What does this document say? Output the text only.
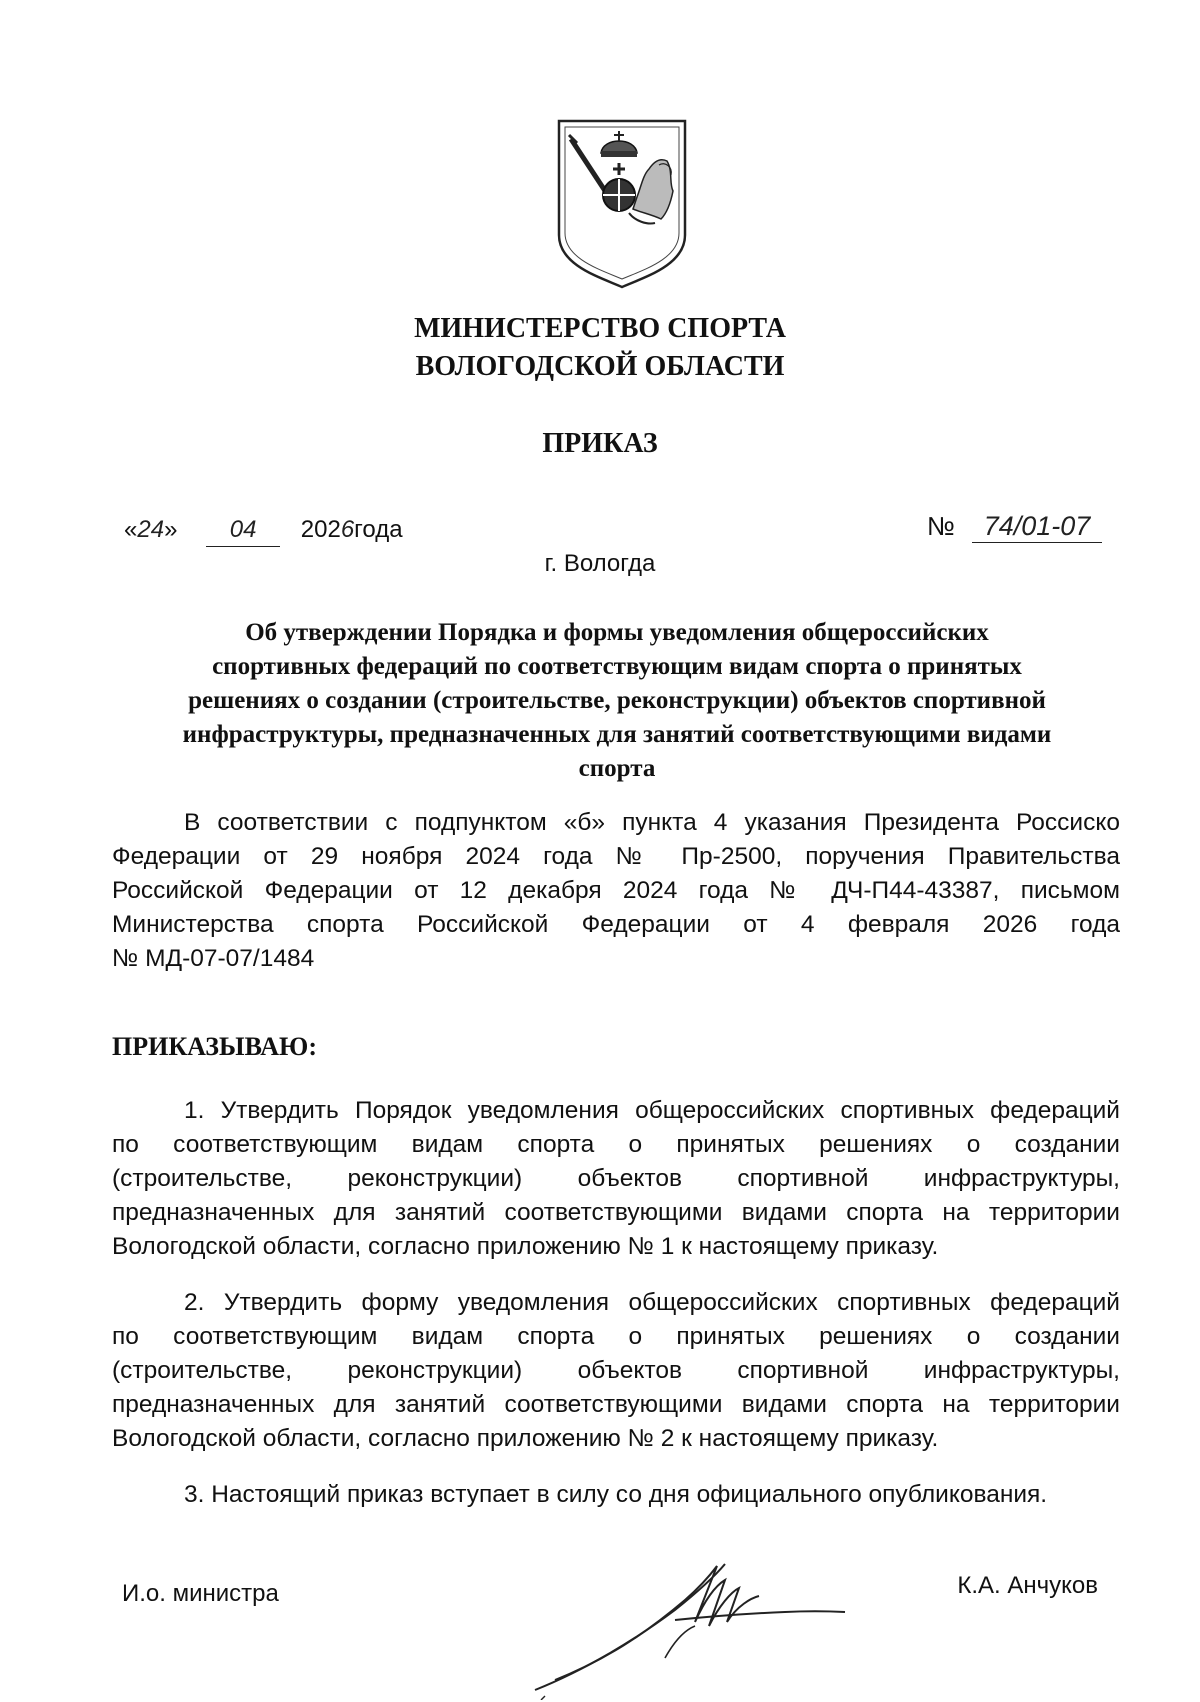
МИНИСТЕРСТВО СПОРТА
ВОЛОГОДСКОЙ ОБЛАСТИ
ПРИКАЗ
«24» 04 2026года	№ 74/01-07
г. Вологда
Об утверждении Порядка и формы уведомления общероссийских
спортивных федераций по соответствующим видам спорта о принятых
решениях о создании (строительстве, реконструкции) объектов спортивной
инфраструктуры, предназначенных для занятий соответствующими видами
спорта
В соответствии с подпунктом «б» пункта 4 указания Президента Россиско
Федерации от 29 ноября 2024 года № Пр-2500, поручения Правительства
Российской Федерации от 12 декабря 2024 года № ДЧ-П44-43387, письмом
Министерства спорта Российской Федерации от 4 февраля 2026 года
№ МД-07-07/1484
ПРИКАЗЫВАЮ:
1. Утвердить Порядок уведомления общероссийских спортивных федераций
по соответствующим видам спорта о принятых решениях о создании
(строительстве, реконструкции) объектов спортивной инфраструктуры,
предназначенных для занятий соответствующими видами спорта на территории
Вологодской области, согласно приложению № 1 к настоящему приказу.
2. Утвердить форму уведомления общероссийских спортивных федераций
по соответствующим видам спорта о принятых решениях о создании
(строительстве, реконструкции) объектов спортивной инфраструктуры,
предназначенных для занятий соответствующими видами спорта на территории
Вологодской области, согласно приложению № 2 к настоящему приказу.
3. Настоящий приказ вступает в силу со дня официального опубликования.
И.о. министра	К.А. Анчуков
